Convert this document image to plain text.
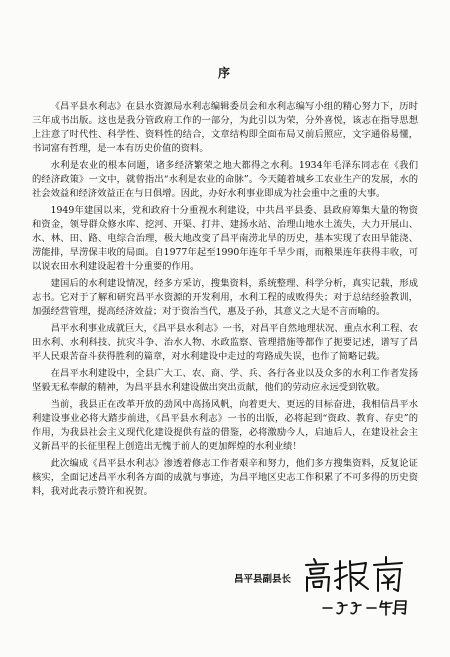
序

《昌平县水利志》在县水资源局水利志编辑委员会和水利志编写小组的精心努力下，历时三年成书出版。这也是我分管政府工作的一部分，为此引以为荣，分外喜悦，该志在指导思想上注意了时代性、科学性、资料性的结合，文章结构即全面布局又前后照应，文字通俗易懂，书词富有哲理，是一本有历史价值的资料。

水利是农业的根本问题，诸多经济繁荣之地大都得之水利。1934年毛泽东同志在《我们的经济政策》一文中，就曾指出“水利是农业的命脉”。今天随着城乡工农业生产的发展，水的社会效益和经济效益正在与日俱增。因此，办好水利事业即成为社会重中之重的大事。

1949年建国以来，党和政府十分重视水利建设，中共昌平县委、县政府筹集大量的物资和资金，领导群众修水库、挖河、开渠、打井、建扬水站、治理山地水土流失，大力开展山、水、林、田、路、电综合治理，极大地改变了昌平南涝北旱的历史，基本实现了农田旱能浇、涝能排，旱涝保丰收的局面。自1977年起至1990年连年千旱少雨，而粮果连年获得丰收，可以说农田水利建设起着十分重要的作用。

建国后的水利建设情况，经多方采访，搜集资料，系统整理、科学分析，真实记载，形成志书。它对于了解和研究昌平水资源的开发利用，水利工程的成败得失；对于总结经验教训，加强经营管理，提高经济效益；对于资治当代，惠及子孙，其意义之大是不言而喻的。

昌平水利事业成就巨大，《昌平县水利志》一书，对昌平自然地理状况、重点水利工程、农田水利、水利科技、抗灾斗争、治水人物、水政监察、管理措施等都作了扼要记述，谱写了昌平人民艰苦奋斗获得胜利的篇章，对水利建设中走过的弯路成失误，也作了简略记载。

在昌平水利建设中，全县广大工、农、商、学、兵、各行各业以及众多的水利工作者发扬坚毅无私奉献的精神，为昌平县水利建设做出突出贡献，他们的劳动应永远受到钦敬。

当前，我县正在改革开放的劲风中高扬风帆，向着更大、更远的目标奋进，我相信昌平水利建设事业必将大踏步前进，《昌平县水利志》一书的出版，必将起到“资政、教育、存史”的作用，为我县社会主义现代化建设提供有益的借鉴，必将激励今人，启迪后人，在建设社会主义新昌平的长征里程上创造出无愧于前人的更加辉煌的水利业绩！

此次编成《昌平县水利志》渗透着修志工作者艰辛和努力，他们多方搜集资料，反复论证核实，全面记述昌平水利各方面的成就与事迹，为昌平地区史志工作积累了不可多得的历史资料，我对此表示赞许和祝贺。

昌平县副县长
